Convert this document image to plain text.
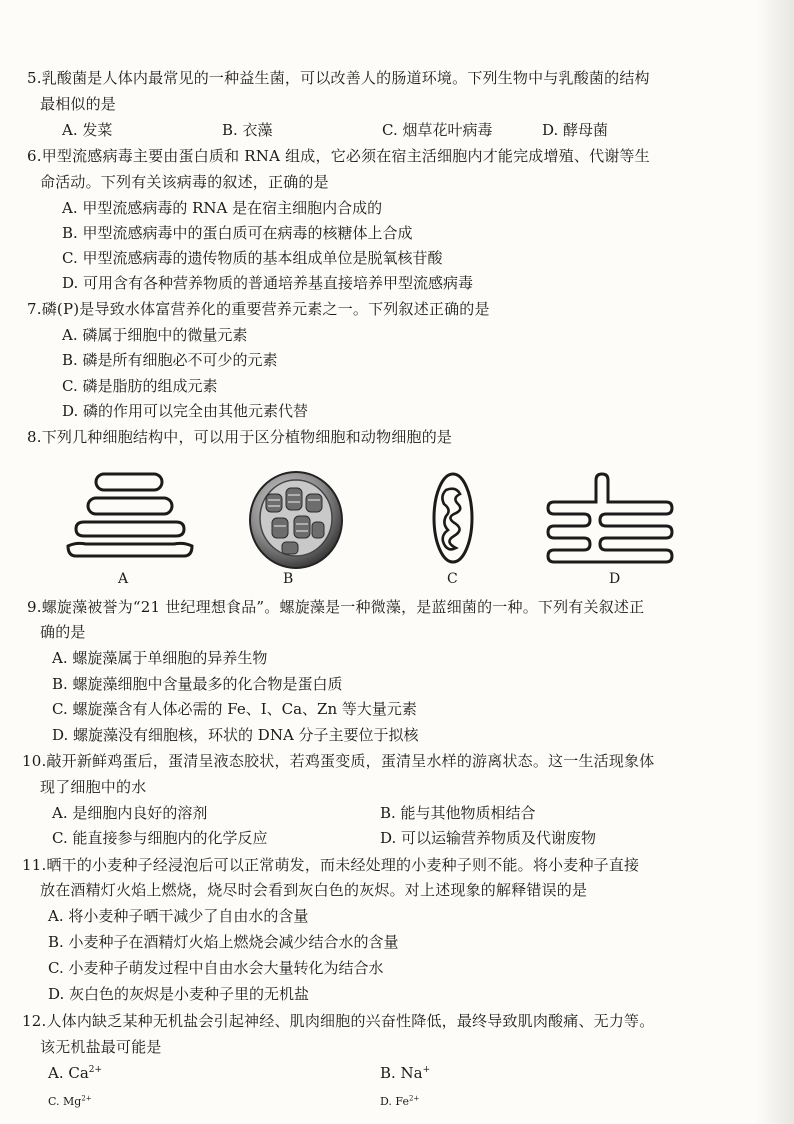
5.乳酸菌是人体内最常见的一种益生菌，可以改善人的肠道环境。下列生物中与乳酸菌的结构
最相似的是
A. 发菜	B. 衣藻	C. 烟草花叶病毒	D. 酵母菌
6.甲型流感病毒主要由蛋白质和 RNA 组成，它必须在宿主活细胞内才能完成增殖、代谢等生
命活动。下列有关该病毒的叙述，正确的是
A. 甲型流感病毒的 RNA 是在宿主细胞内合成的
B. 甲型流感病毒中的蛋白质可在病毒的核糖体上合成
C. 甲型流感病毒的遗传物质的基本组成单位是脱氧核苷酸
D. 可用含有各种营养物质的普通培养基直接培养甲型流感病毒
7.磷(P)是导致水体富营养化的重要营养元素之一。下列叙述正确的是
A. 磷属于细胞中的微量元素
B. 磷是所有细胞必不可少的元素
C. 磷是脂肪的组成元素
D. 磷的作用可以完全由其他元素代替
8.下列几种细胞结构中，可以用于区分植物细胞和动物细胞的是
A	B	C	D
9.螺旋藻被誉为“21 世纪理想食品”。螺旋藻是一种微藻，是蓝细菌的一种。下列有关叙述正
确的是
A. 螺旋藻属于单细胞的异养生物
B. 螺旋藻细胞中含量最多的化合物是蛋白质
C. 螺旋藻含有人体必需的 Fe、I、Ca、Zn 等大量元素
D. 螺旋藻没有细胞核，环状的 DNA 分子主要位于拟核
10.敲开新鲜鸡蛋后，蛋清呈液态胶状，若鸡蛋变质，蛋清呈水样的游离状态。这一生活现象体
现了细胞中的水
A. 是细胞内良好的溶剂	B. 能与其他物质相结合
C. 能直接参与细胞内的化学反应	D. 可以运输营养物质及代谢废物
11.晒干的小麦种子经浸泡后可以正常萌发，而未经处理的小麦种子则不能。将小麦种子直接
放在酒精灯火焰上燃烧，烧尽时会看到灰白色的灰烬。对上述现象的解释错误的是
A. 将小麦种子晒干减少了自由水的含量
B. 小麦种子在酒精灯火焰上燃烧会减少结合水的含量
C. 小麦种子萌发过程中自由水会大量转化为结合水
D. 灰白色的灰烬是小麦种子里的无机盐
12.人体内缺乏某种无机盐会引起神经、肌肉细胞的兴奋性降低，最终导致肌肉酸痛、无力等。
该无机盐最可能是
A. $Ca^{2+}$	B. Na+
C. $Mg^{2+}$	D. $Fe^{2+}$
